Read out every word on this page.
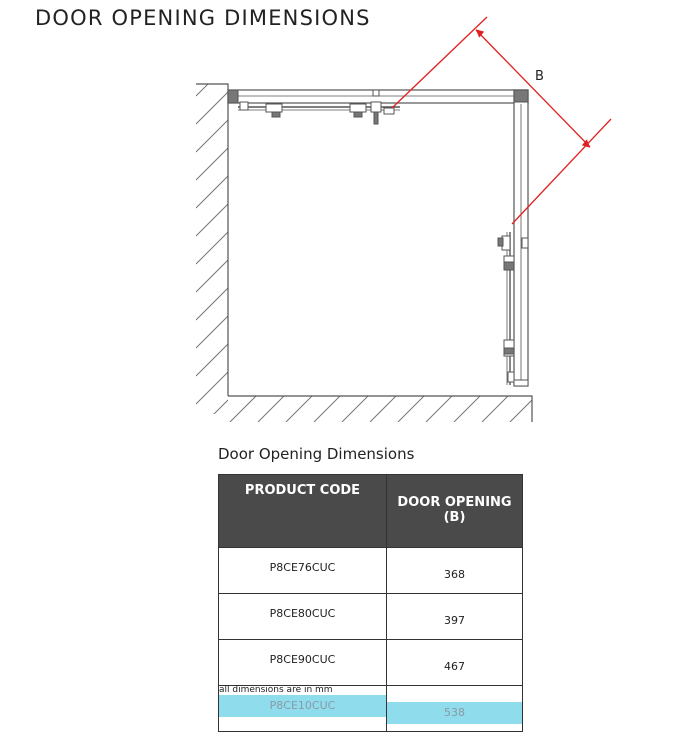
DOOR OPENING DIMENSIONS
B
Door Opening Dimensions
PRODUCT CODE	DOOR OPENING
(B)
P8CE76CUC	368
P8CE80CUC	397
P8CE90CUC	467

P8CE10CUC	538
all dimensions are in mm
